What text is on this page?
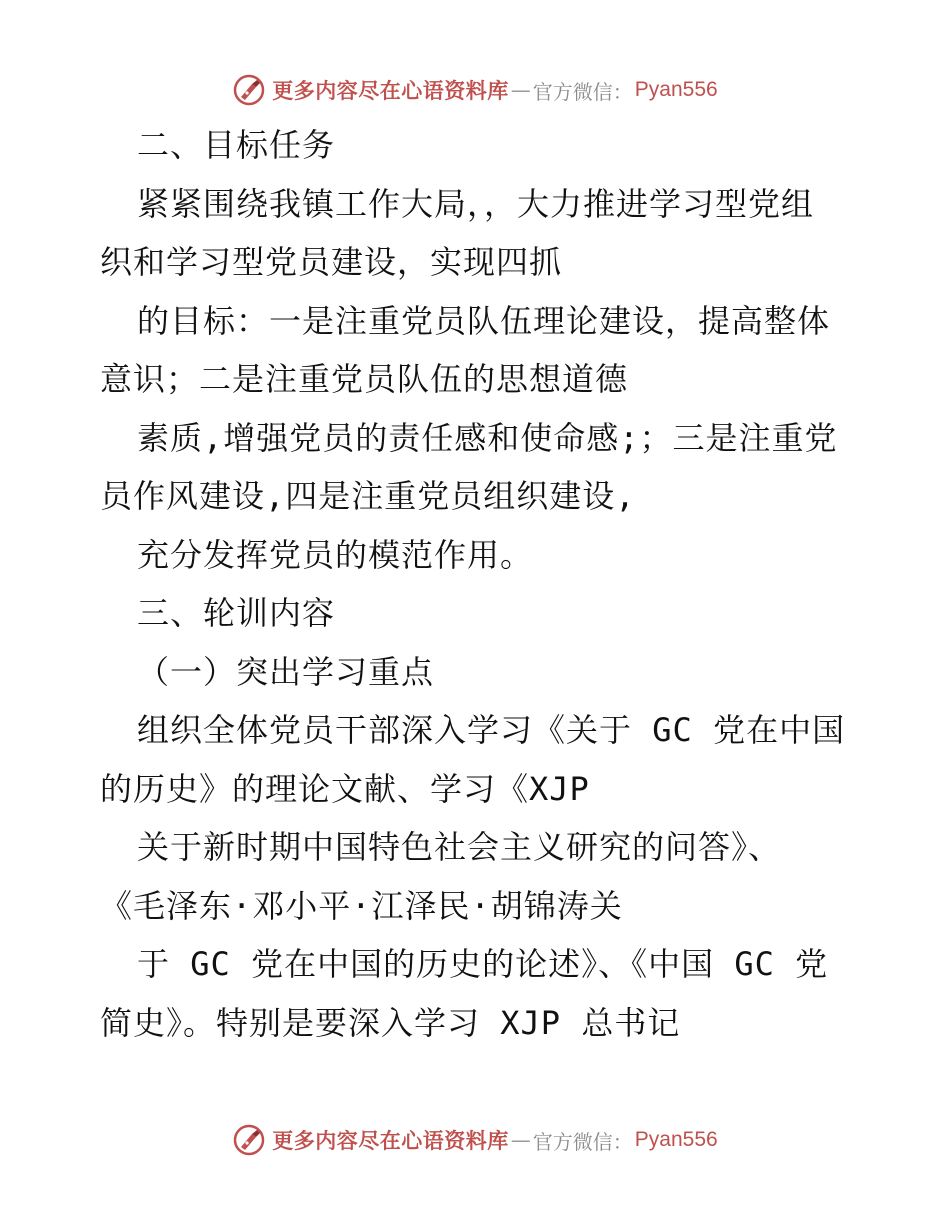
更多内容尽在心语资料库 — 官方微信： Pyan556
二、目标任务
紧紧围绕我镇工作大局，，大力推进学习型党组
织和学习型党员建设，实现四抓
的目标：一是注重党员队伍理论建设，提高整体
意识；二是注重党员队伍的思想道德
素质,增强党员的责任感和使命感;；三是注重党
员作风建设,四是注重党员组织建设,
充分发挥党员的模范作用。
三、轮训内容
（一）突出学习重点
组织全体党员干部深入学习《关于 GC 党在中国
的历史》的理论文献、学习《XJP
关于新时期中国特色社会主义研究的问答》、
《毛泽东·邓小平·江泽民·胡锦涛关
于 GC 党在中国的历史的论述》、《中国 GC 党
简史》。特别是要深入学习 XJP 总书记
更多内容尽在心语资料库 — 官方微信： Pyan556
